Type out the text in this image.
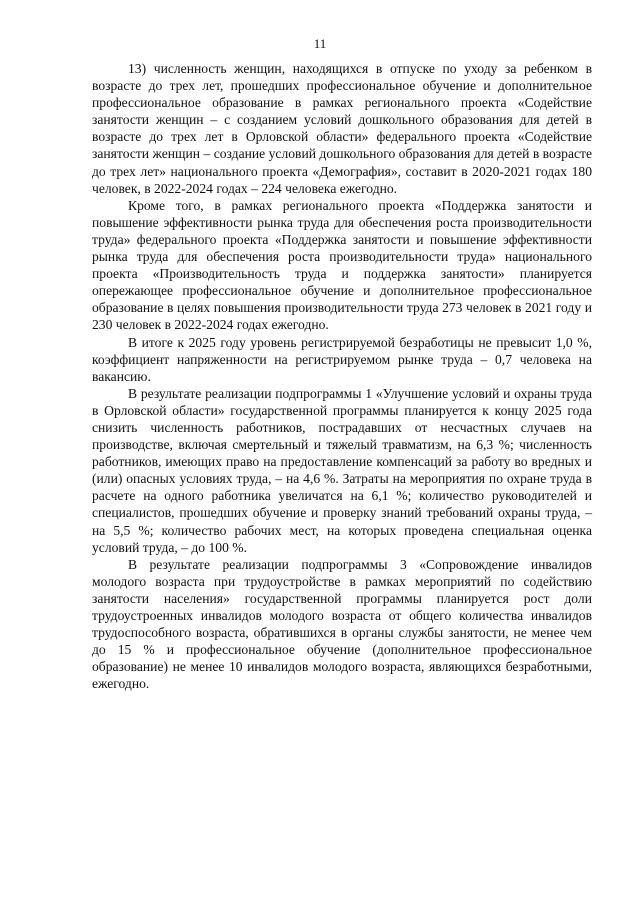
11

13) численность женщин, находящихся в отпуске по уходу за ребенком в возрасте до трех лет, прошедших профессиональное обучение и дополнительное профессиональное образование в рамках регионального проекта «Содействие занятости женщин – с созданием условий дошкольного образования для детей в возрасте до трех лет в Орловской области» федерального проекта «Содействие занятости женщин – создание условий дошкольного образования для детей в возрасте до трех лет» национального проекта «Демография», составит в 2020-2021 годах 180 человек, в 2022-2024 годах – 224 человека ежегодно.

Кроме того, в рамках регионального проекта «Поддержка занятости и повышение эффективности рынка труда для обеспечения роста производительности труда» федерального проекта «Поддержка занятости и повышение эффективности рынка труда для обеспечения роста производительности труда» национального проекта «Производительность труда и поддержка занятости» планируется опережающее профессиональное обучение и дополнительное профессиональное образование в целях повышения производительности труда 273 человек в 2021 году и 230 человек в 2022-2024 годах ежегодно.

В итоге к 2025 году уровень регистрируемой безработицы не превысит 1,0 %, коэффициент напряженности на регистрируемом рынке труда – 0,7 человека на вакансию.

В результате реализации подпрограммы 1 «Улучшение условий и охраны труда в Орловской области» государственной программы планируется к концу 2025 года снизить численность работников, пострадавших от несчастных случаев на производстве, включая смертельный и тяжелый травматизм, на 6,3 %; численность работников, имеющих право на предоставление компенсаций за работу во вредных и (или) опасных условиях труда, – на 4,6 %. Затраты на мероприятия по охране труда в расчете на одного работника увеличатся на 6,1 %; количество руководителей и специалистов, прошедших обучение и проверку знаний требований охраны труда, – на 5,5 %; количество рабочих мест, на которых проведена специальная оценка условий труда, – до 100 %.

В результате реализации подпрограммы 3 «Сопровождение инвалидов молодого возраста при трудоустройстве в рамках мероприятий по содействию занятости населения» государственной программы планируется рост доли трудоустроенных инвалидов молодого возраста от общего количества инвалидов трудоспособного возраста, обратившихся в органы службы занятости, не менее чем до 15 % и профессиональное обучение (дополнительное профессиональное образование) не менее 10 инвалидов молодого возраста, являющихся безработными, ежегодно.
